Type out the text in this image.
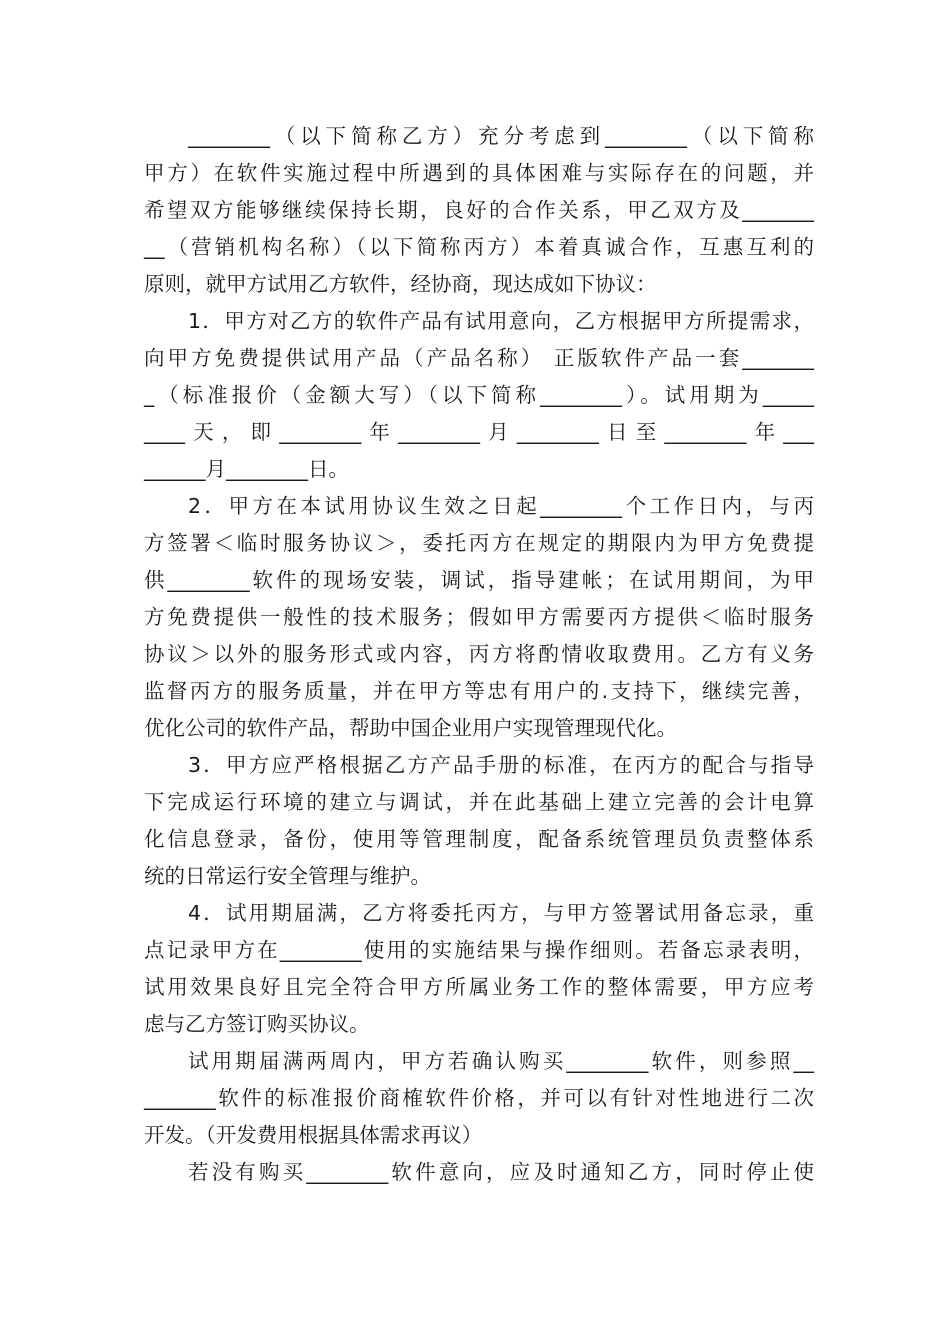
________（以下简称乙方）充分考虑到________（以下简称
甲方）在软件实施过程中所遇到的具体困难与实际存在的问题，并
希望双方能够继续保持长期，良好的合作关系，甲乙双方及_______
__（营销机构名称）（以下简称丙方）本着真诚合作，互惠互利的
原则，就甲方试用乙方软件，经协商，现达成如下协议：
1．甲方对乙方的软件产品有试用意向，乙方根据甲方所提需求，
向甲方免费提供试用产品（产品名称） 正版软件产品一套_______
_（标准报价（金额大写）（以下简称________）。试用期为_____
____天，即________年________月________日至________年___
______月________日。
2．甲方在本试用协议生效之日起________个工作日内，与丙
方签署＜临时服务协议＞，委托丙方在规定的期限内为甲方免费提
供________软件的现场安装，调试，指导建帐；在试用期间，为甲
方免费提供一般性的技术服务；假如甲方需要丙方提供＜临时服务
协议＞以外的服务形式或内容，丙方将酌情收取费用。乙方有义务
监督丙方的服务质量，并在甲方等忠有用户的.支持下，继续完善，
优化公司的软件产品，帮助中国企业用户实现管理现代化。
3．甲方应严格根据乙方产品手册的标准，在丙方的配合与指导
下完成运行环境的建立与调试，并在此基础上建立完善的会计电算
化信息登录，备份，使用等管理制度，配备系统管理员负责整体系
统的日常运行安全管理与维护。
4．试用期届满，乙方将委托丙方，与甲方签署试用备忘录，重
点记录甲方在________使用的实施结果与操作细则。若备忘录表明，
试用效果良好且完全符合甲方所属业务工作的整体需要，甲方应考
虑与乙方签订购买协议。
试用期届满两周内，甲方若确认购买________软件，则参照__
_______软件的标准报价商榷软件价格，并可以有针对性地进行二次
开发。（开发费用根据具体需求再议）
若没有购买________软件意向，应及时通知乙方，同时停止使
